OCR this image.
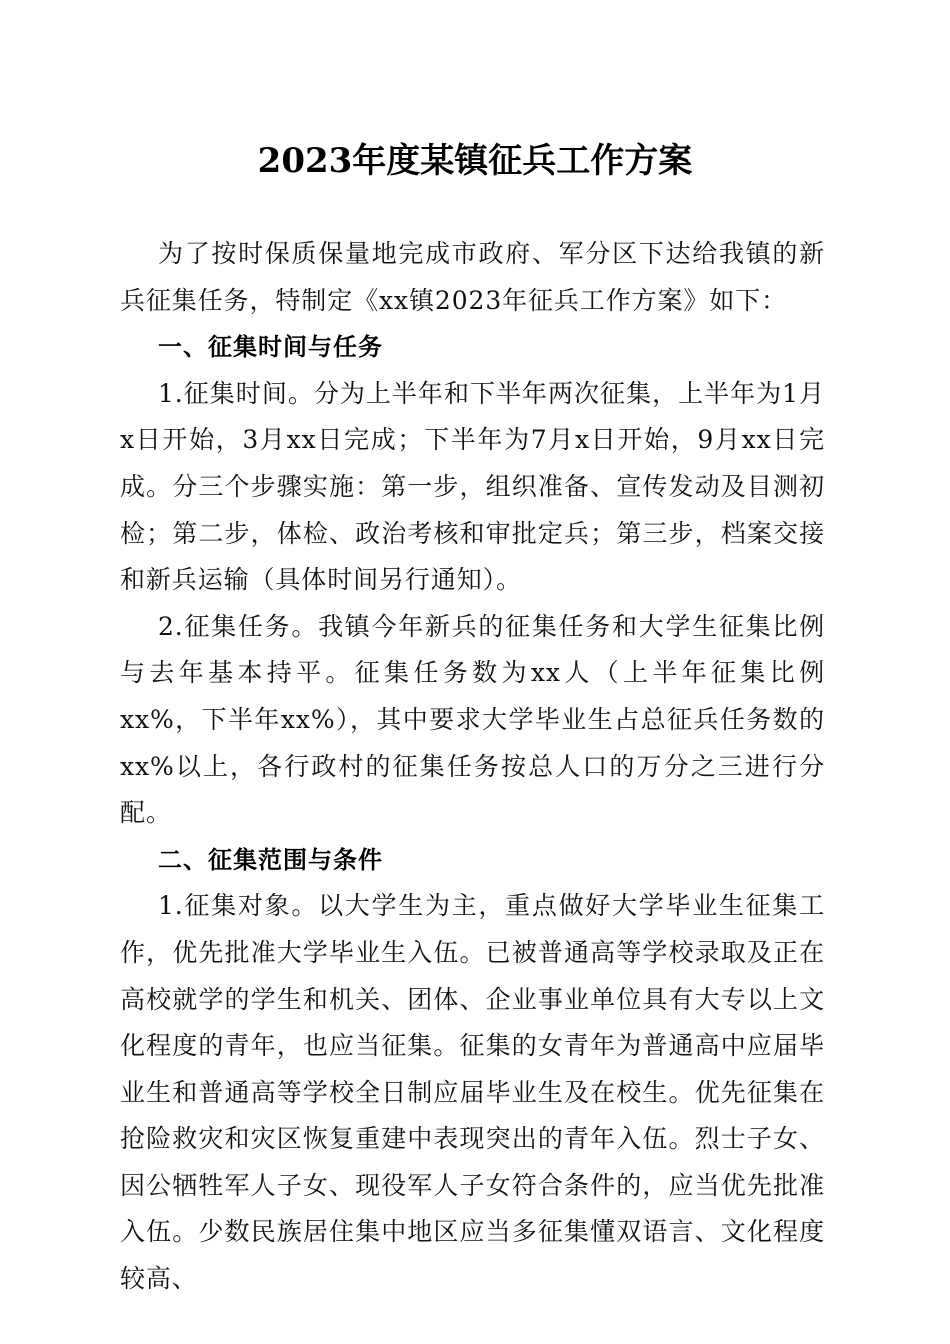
2023年度某镇征兵工作方案

为了按时保质保量地完成市政府、军分区下达给我镇的新兵征集任务，特制定《xx镇2023年征兵工作方案》如下：

一、征集时间与任务

1.征集时间。分为上半年和下半年两次征集，上半年为1月x日开始，3月xx日完成；下半年为7月x日开始，9月xx日完成。分三个步骤实施：第一步，组织准备、宣传发动及目测初检；第二步，体检、政治考核和审批定兵；第三步，档案交接和新兵运输（具体时间另行通知）。

2.征集任务。我镇今年新兵的征集任务和大学生征集比例与去年基本持平。征集任务数为xx人（上半年征集比例xx%，下半年xx%），其中要求大学毕业生占总征兵任务数的xx%以上，各行政村的征集任务按总人口的万分之三进行分配。

二、征集范围与条件

1.征集对象。以大学生为主，重点做好大学毕业生征集工作，优先批准大学毕业生入伍。已被普通高等学校录取及正在高校就学的学生和机关、团体、企业事业单位具有大专以上文化程度的青年，也应当征集。征集的女青年为普通高中应届毕业生和普通高等学校全日制应届毕业生及在校生。优先征集在抢险救灾和灾区恢复重建中表现突出的青年入伍。烈士子女、因公牺牲军人子女、现役军人子女符合条件的，应当优先批准入伍。少数民族居住集中地区应当多征集懂双语言、文化程度较高、
